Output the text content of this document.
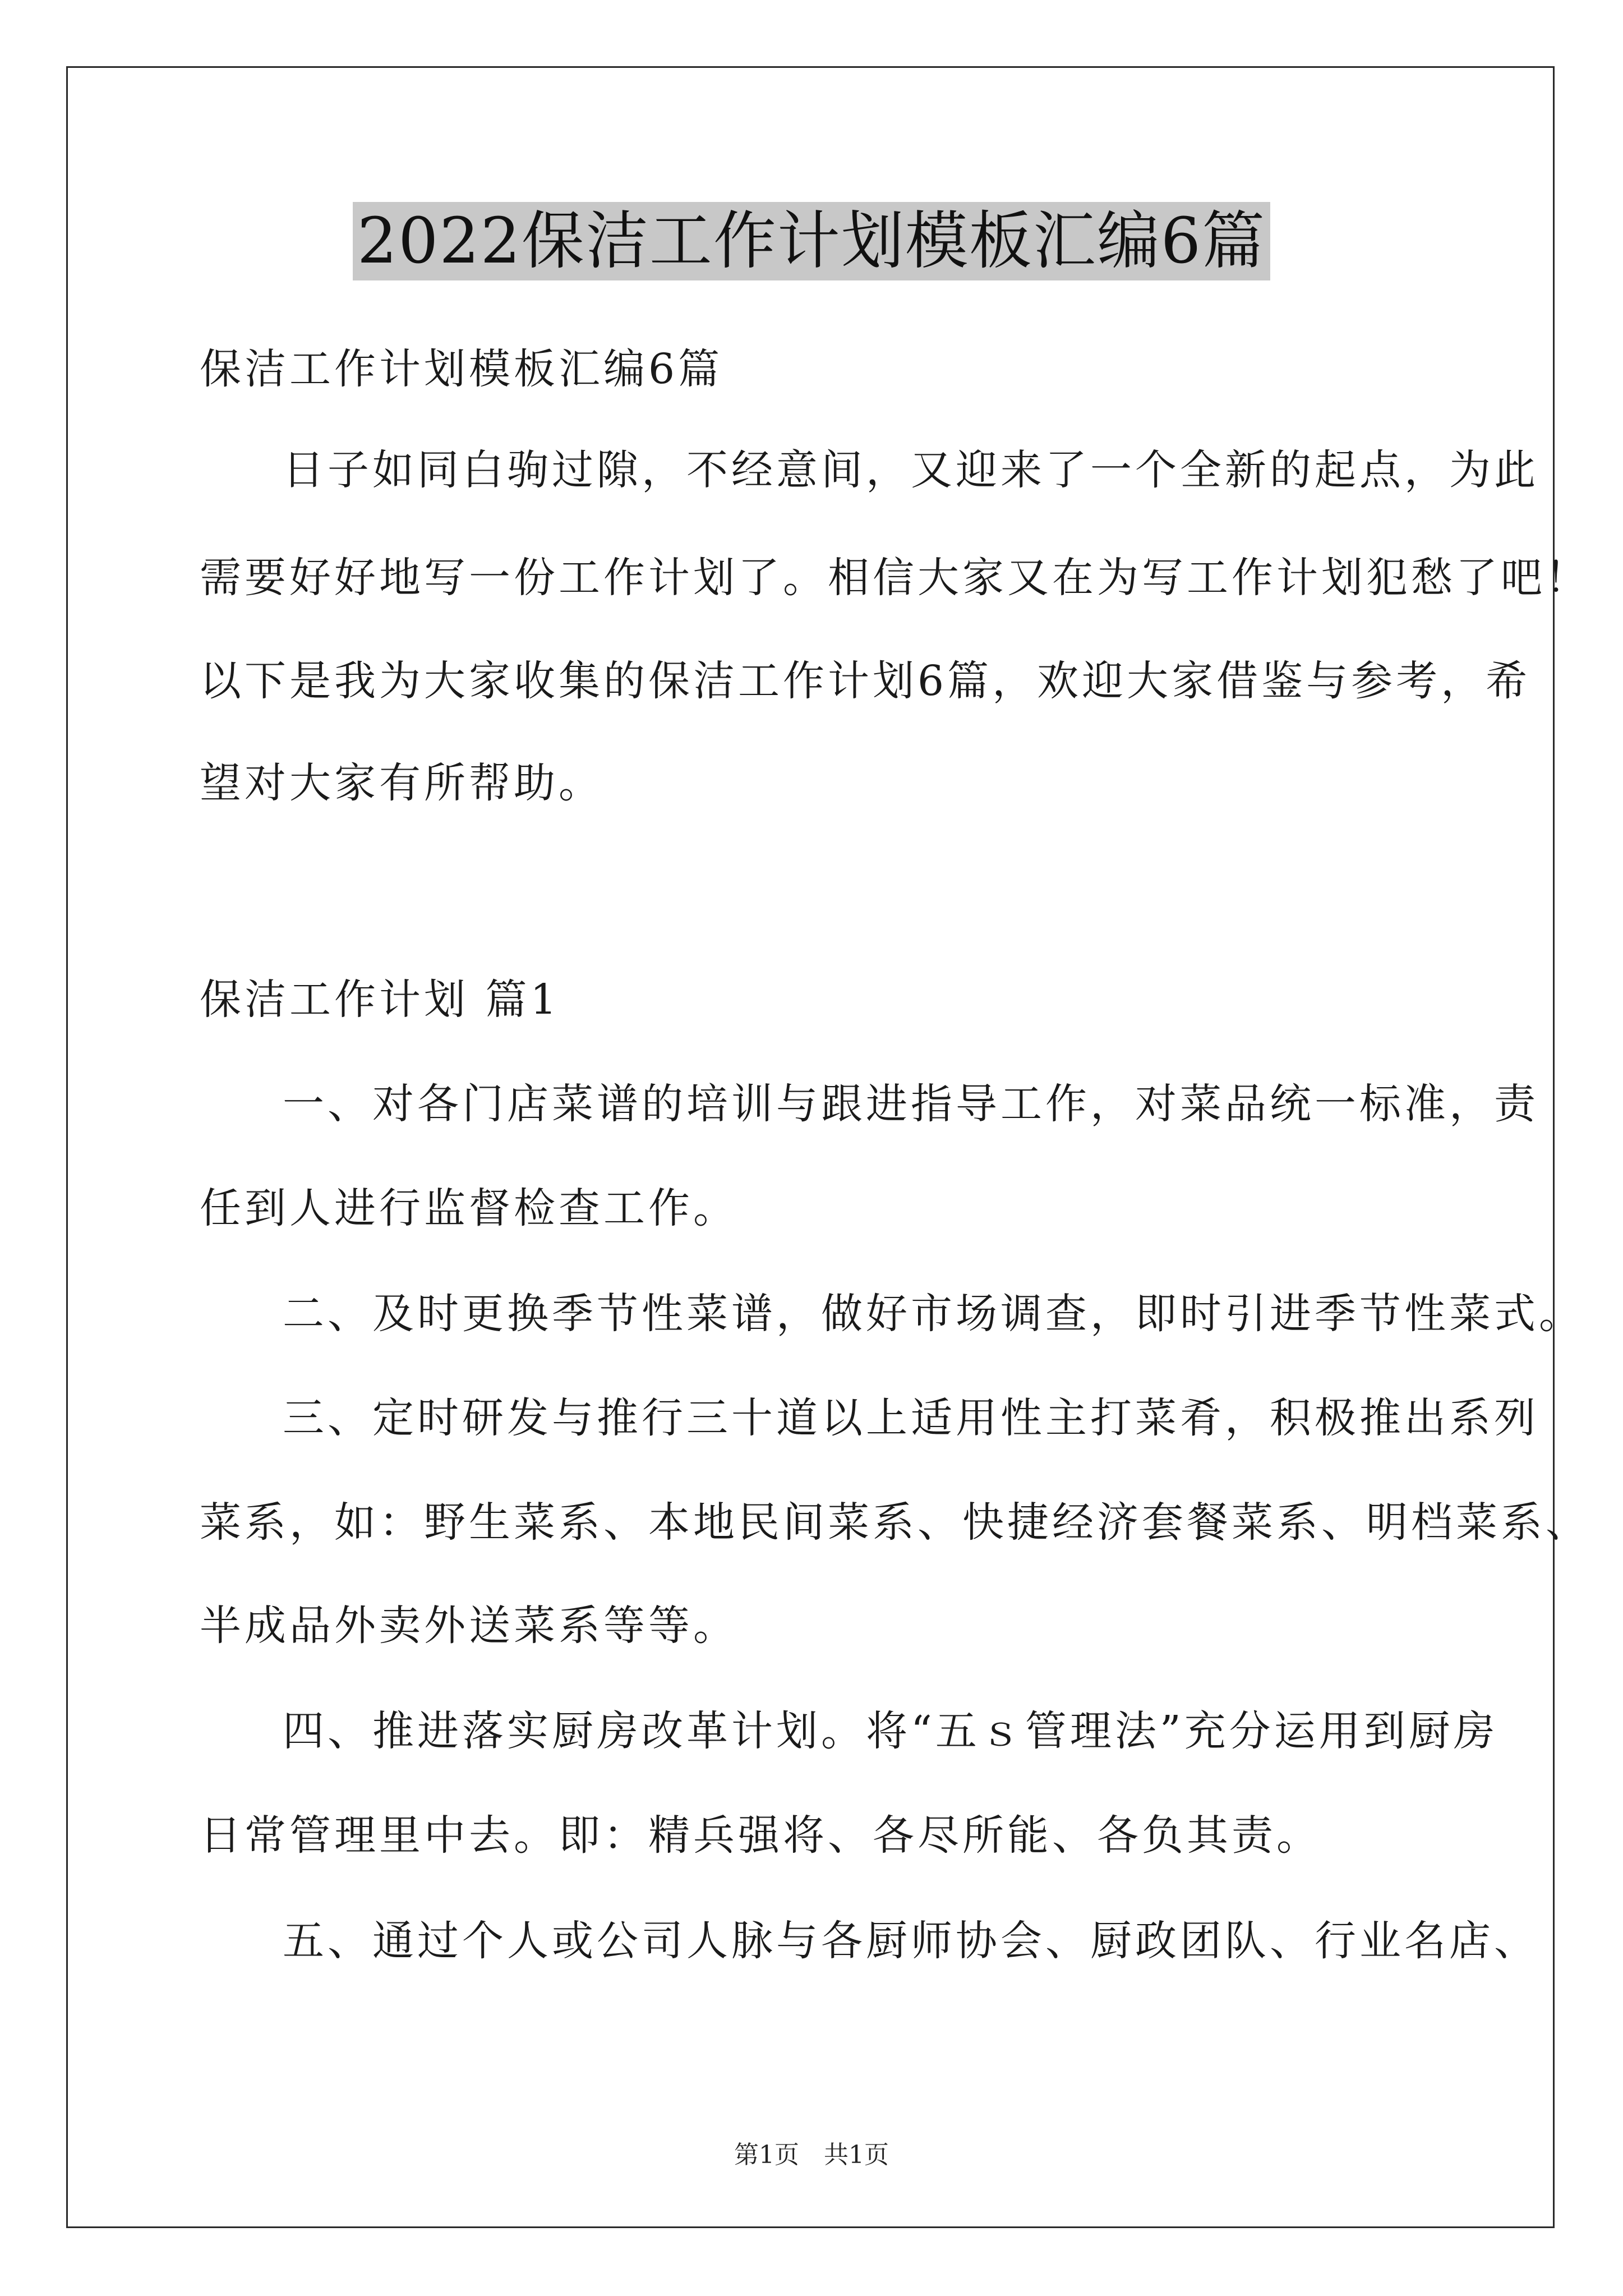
2022保洁工作计划模板汇编6篇
保洁工作计划模板汇编6篇
日子如同白驹过隙，不经意间，又迎来了一个全新的起点，为此
需要好好地写一份工作计划了。相信大家又在为写工作计划犯愁了吧！
以下是我为大家收集的保洁工作计划6篇，欢迎大家借鉴与参考，希
望对大家有所帮助。
保洁工作计划 篇1
一、对各门店菜谱的培训与跟进指导工作，对菜品统一标准，责
任到人进行监督检查工作。
二、及时更换季节性菜谱，做好市场调查，即时引进季节性菜式。
三、定时研发与推行三十道以上适用性主打菜肴，积极推出系列
菜系，如：野生菜系、本地民间菜系、快捷经济套餐菜系、明档菜系、
半成品外卖外送菜系等等。
四、推进落实厨房改革计划。将“五ｓ管理法”充分运用到厨房
日常管理里中去。即：精兵强将、各尽所能、各负其责。
五、通过个人或公司人脉与各厨师协会、厨政团队、行业名店、
第1页 共1页
